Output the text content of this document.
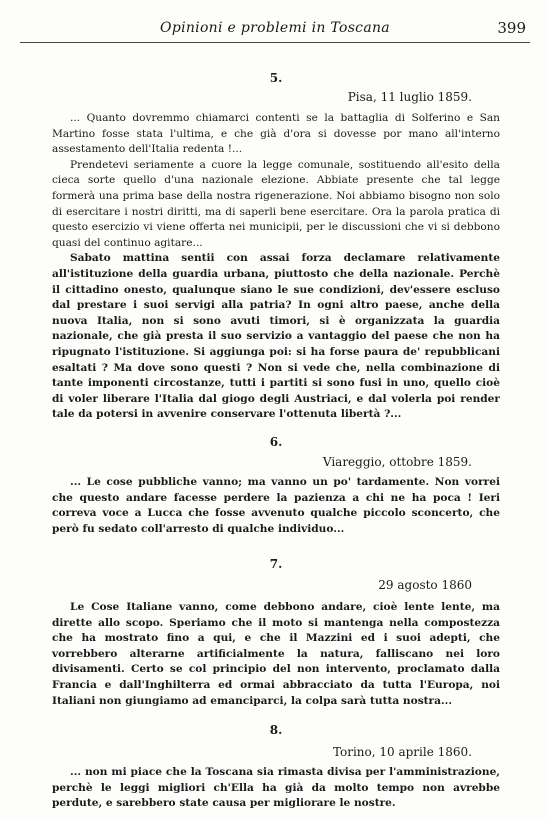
Opinioni e problemi in Toscana	399
5.
Pisa, 11 luglio 1859.

... Quanto dovremmo chiamarci contenti se la battaglia di Solferino e San Martino fosse stata l'ultima, e che già d'ora si dovesse por mano all'interno assestamento dell'Italia redenta !...

Prendetevi seriamente a cuore la legge comunale, sostituendo all'esito della cieca sorte quello d'una nazionale elezione. Abbiate presente che tal legge formerà una prima base della nostra rigenerazione. Noi abbiamo bisogno non solo di esercitare i nostri diritti, ma di saperli bene esercitare. Ora la parola pratica di questo esercizio vi viene offerta nei municipii, per le discussioni che vi si debbono quasi del continuo agitare...

Sabato mattina sentii con assai forza declamare relativamente all'istituzione della guardia urbana, piuttosto che della nazionale. Perchè il cittadino onesto, qualunque siano le sue condizioni, dev'essere escluso dal prestare i suoi servigi alla patria? In ogni altro paese, anche della nuova Italia, non si sono avuti timori, si è organizzata la guardia nazionale, che già presta il suo servizio a vantaggio del paese che non ha ripugnato l'istituzione. Si aggiunga poi: si ha forse paura de' repubblicani esaltati ? Ma dove sono questi ? Non si vede che, nella combinazione di tante imponenti circostanze, tutti i partiti si sono fusi in uno, quello cioè di voler liberare l'Italia dal giogo degli Austriaci, e dal volerla poi render tale da potersi in avvenire conservare l'ottenuta libertà ?...

6.
Viareggio, ottobre 1859.

... Le cose pubbliche vanno; ma vanno un po' tardamente. Non vorrei che questo andare facesse perdere la pazienza a chi ne ha poca ! Ieri correva voce a Lucca che fosse avvenuto qualche piccolo sconcerto, che però fu sedato coll'arresto di qualche individuo...

7.
29 agosto 1860

Le Cose Italiane vanno, come debbono andare, cioè lente lente, ma dirette allo scopo. Speriamo che il moto si mantenga nella compostezza che ha mostrato fino a qui, e che il Mazzini ed i suoi adepti, che vorrebbero alterarne artificialmente la natura, falliscano nei loro divisamenti. Certo se col principio del non intervento, proclamato dalla Francia e dall'Inghilterra ed ormai abbracciato da tutta l'Europa, noi Italiani non giungiamo ad emanciparci, la colpa sarà tutta nostra...

8.
Torino, 10 aprile 1860.

... non mi piace che la Toscana sia rimasta divisa per l'amministrazione, perchè le leggi migliori ch'Ella ha già da molto tempo non avrebbe perdute, e sarebbero state causa per migliorare le nostre.
